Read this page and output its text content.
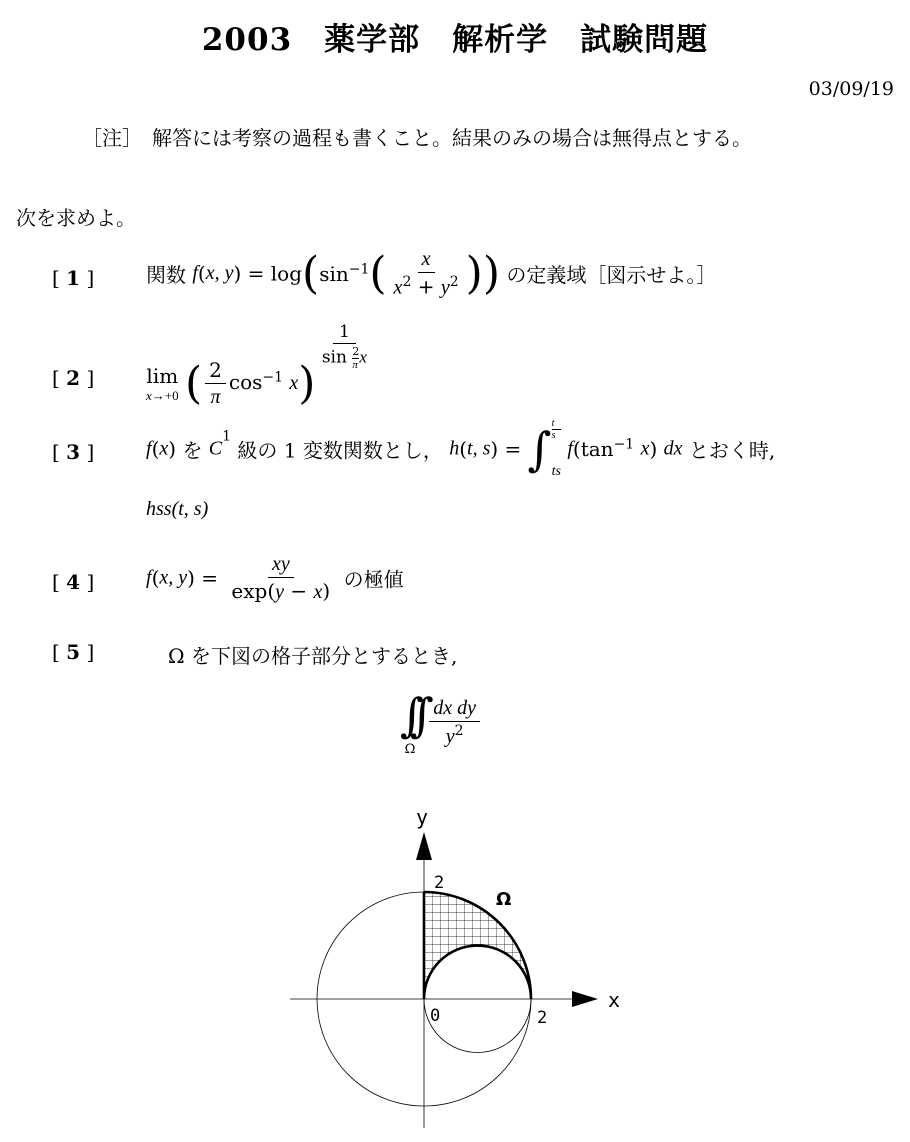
2003　薬学部　解析学　試験問題
03/09/19
［注］　解答には考察の過程も書くこと。結果のみの場合は無得点とする。
次を求めよ。
[ 1 ]	関数 f(x, $y) = \log(\sin^{-1}( \frac{x}{x^2 + y^2}$ )) の定義域［図示せよ。］
[ 2 ]	lim
x→+0 ( $\frac{2}{\pi} \cos^{-1} x$)
$\frac{1}{\sin \frac{2}{\pi} x}$
[ 3 ]	f(x) を $C^1$ 級の 1 変数関数とし， h(t, s) = ∫ t
s
ts
$f(\tan^{-1}$ x) dx とおく時,
hss(t, s)
[ 4 ]	f(x, $y) = \frac{xy}{\exp(y - x)}$ の極値
[ 5 ]	Ω を下図の格子部分とするとき,
∫∫
Ω

$\frac{\text{dx dy}}{y^2}$
y
x
0	2
2
Ω
